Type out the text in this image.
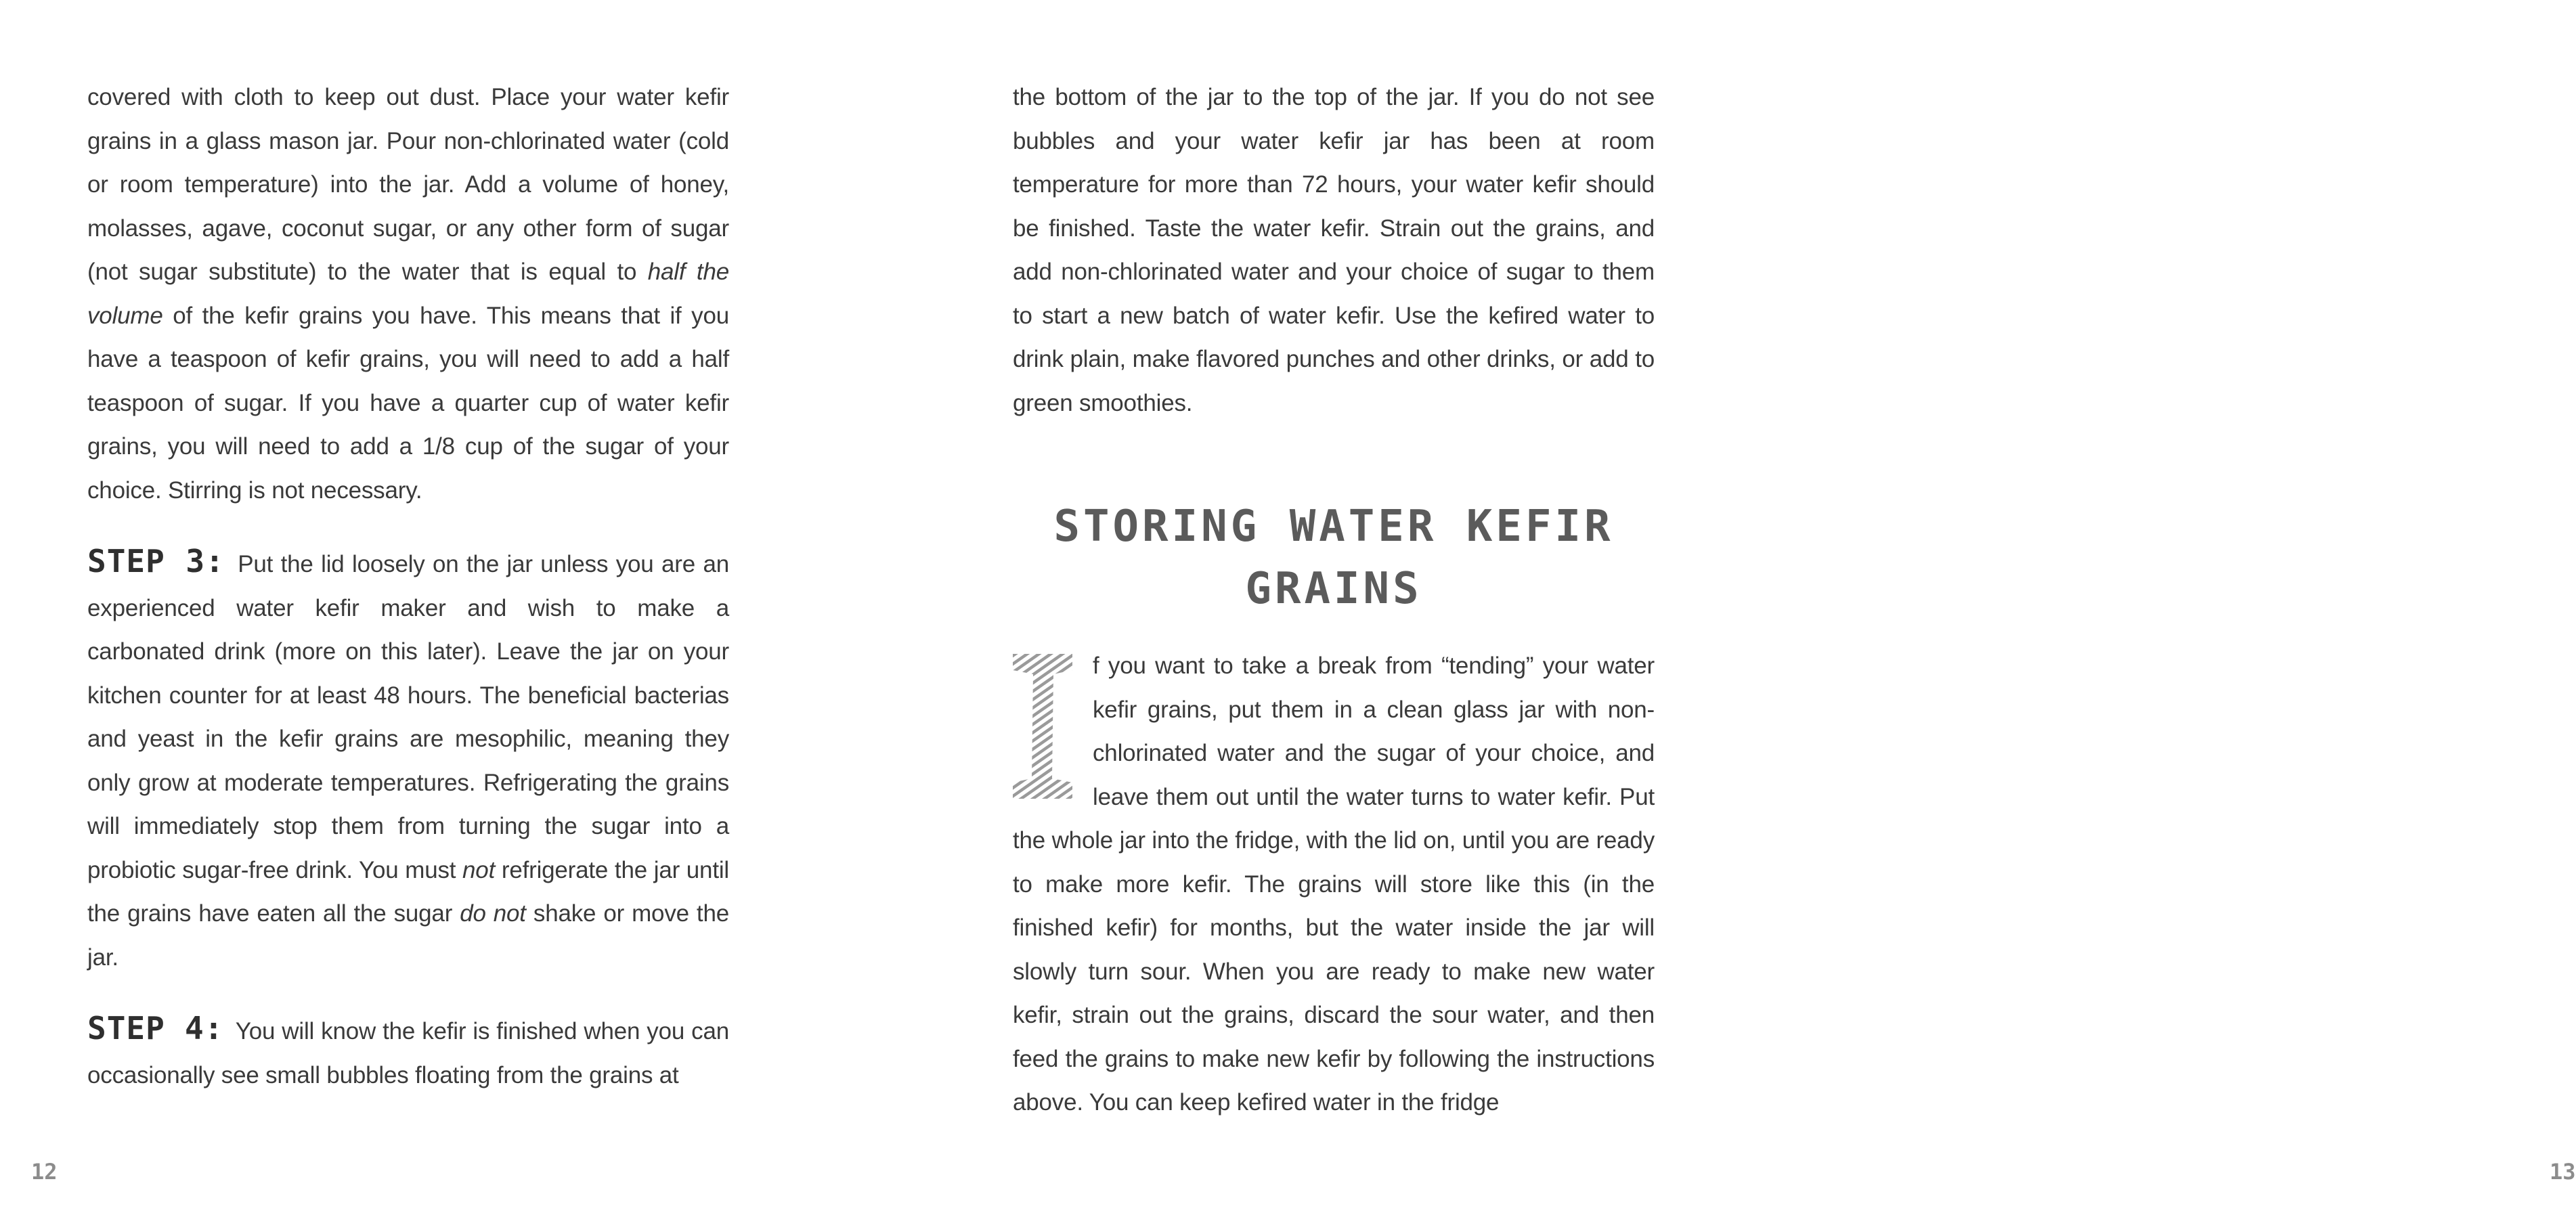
covered with cloth to keep out dust. Place your water kefir grains in a glass mason jar. Pour non-chlorinated water (cold or room temperature) into the jar. Add a volume of honey, molasses, agave, coconut sugar, or any other form of sugar (not sugar substitute) to the water that is equal to half the volume of the kefir grains you have. This means that if you have a teaspoon of kefir grains, you will need to add a half teaspoon of sugar. If you have a quarter cup of water kefir grains, you will need to add a 1/8 cup of the sugar of your choice. Stirring is not necessary.

STEP 3: Put the lid loosely on the jar unless you are an experienced water kefir maker and wish to make a carbonated drink (more on this later). Leave the jar on your kitchen counter for at least 48 hours. The beneficial bacterias and yeast in the kefir grains are mesophilic, meaning they only grow at moderate temperatures. Refrigerating the grains will immediately stop them from turning the sugar into a probiotic sugar-free drink. You must not refrigerate the jar until the grains have eaten all the sugar do not shake or move the jar.

STEP 4: You will know the kefir is finished when you can occasionally see small bubbles floating from the grains at

12

the bottom of the jar to the top of the jar. If you do not see bubbles and your water kefir jar has been at room temperature for more than 72 hours, your water kefir should be finished. Taste the water kefir. Strain out the grains, and add non-chlorinated water and your choice of sugar to them to start a new batch of water kefir. Use the kefired water to drink plain, make flavored punches and other drinks, or add to green smoothies.

STORING WATER KEFIR
GRAINS

f you want to take a break from “tending” your water kefir grains, put them in a clean glass jar with non-chlorinated water and the sugar of your choice, and leave them out until the water turns to water kefir. Put the whole jar into the fridge, with the lid on, until you are ready to make more kefir. The grains will store like this (in the finished kefir) for months, but the water inside the jar will slowly turn sour. When you are ready to make new water kefir, strain out the grains, discard the sour water, and then feed the grains to make new kefir by following the instructions above. You can keep kefired water in the fridge

13
